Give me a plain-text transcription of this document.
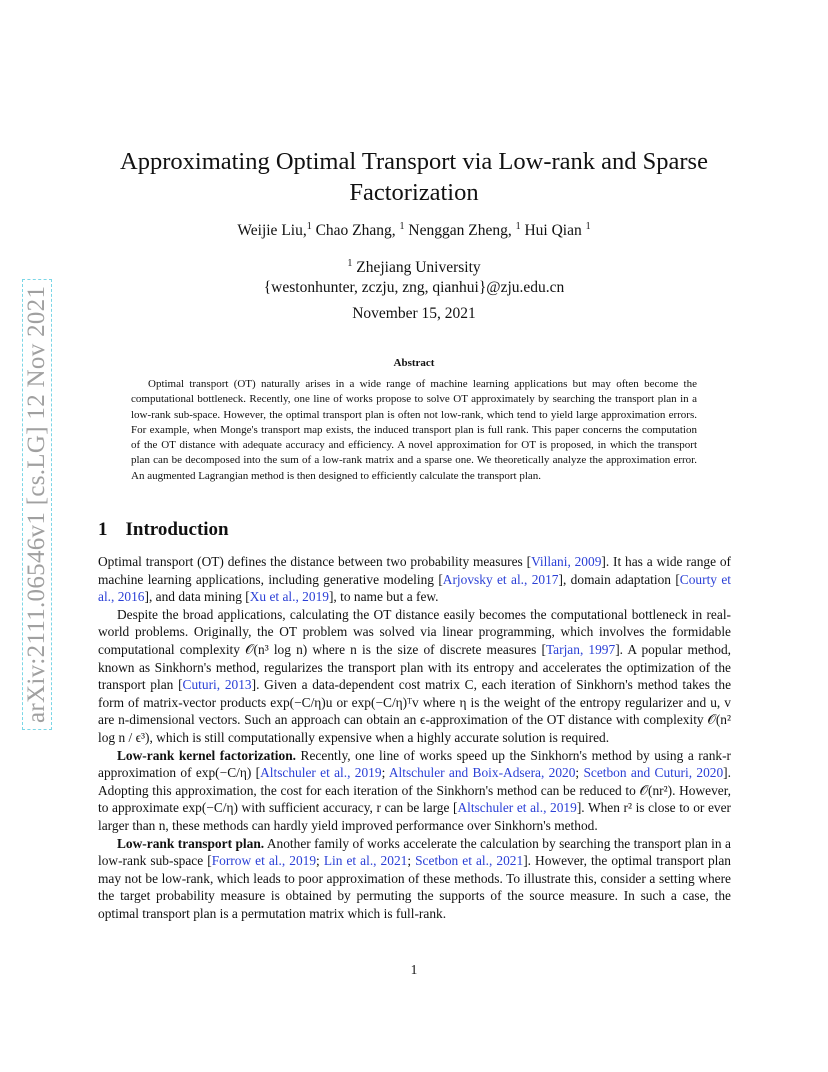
arXiv:2111.06546v1 [cs.LG] 12 Nov 2021
Approximating Optimal Transport via Low-rank and Sparse Factorization
Weijie Liu,$^1$ Chao Zhang, $^1$ Nenggan Zheng, $^1$ Hui Qian $^1$
$^1$ Zhejiang University
{westonhunter, zczju, zng, qianhui}@zju.edu.cn
November 15, 2021
Abstract

Optimal transport (OT) naturally arises in a wide range of machine learning applications but may often become the computational bottleneck. Recently, one line of works propose to solve OT approximately by searching the transport plan in a low-rank sub-space. However, the optimal transport plan is often not low-rank, which tend to yield large approximation errors. For example, when Monge's transport map exists, the induced transport plan is full rank. This paper concerns the computation of the OT distance with adequate accuracy and efficiency. A novel approximation for OT is proposed, in which the transport plan can be decomposed into the sum of a low-rank matrix and a sparse one. We theoretically analyze the approximation error. An augmented Lagrangian method is then designed to efficiently calculate the transport plan.

1 Introduction

Optimal transport (OT) defines the distance between two probability measures [Villani, 2009]. It has a wide range of machine learning applications, including generative modeling [Arjovsky et al., 2017], domain adaptation [Courty et al., 2016], and data mining [Xu et al., 2019], to name but a few.

Despite the broad applications, calculating the OT distance easily becomes the computational bottleneck in real-world problems. Originally, the OT problem was solved via linear programming, which involves the formidable computational complexity 𝒪(n³ log n) where n is the size of discrete measures [Tarjan, 1997]. A popular method, known as Sinkhorn's method, regularizes the transport plan with its entropy and accelerates the optimization of the transport plan [Cuturi, 2013]. Given a data-dependent cost matrix C, each iteration of Sinkhorn's method takes the form of matrix-vector products exp(−C/η)u or exp(−C/η)ᵀv where η is the weight of the entropy regularizer and u, v are n-dimensional vectors. Such an approach can obtain an ϵ-approximation of the OT distance with complexity 𝒪(n² log n / ϵ³), which is still computationally expensive when a highly accurate solution is required.

Low-rank kernel factorization. Recently, one line of works speed up the Sinkhorn's method by using a rank-r approximation of exp(−C/η) [Altschuler et al., 2019; Altschuler and Boix-Adsera, 2020; Scetbon and Cuturi, 2020]. Adopting this approximation, the cost for each iteration of the Sinkhorn's method can be reduced to 𝒪(nr²). However, to approximate exp(−C/η) with sufficient accuracy, r can be large [Altschuler et al., 2019]. When r² is close to or ever larger than n, these methods can hardly yield improved performance over Sinkhorn's method.

Low-rank transport plan. Another family of works accelerate the calculation by searching the transport plan in a low-rank sub-space [Forrow et al., 2019; Lin et al., 2021; Scetbon et al., 2021]. However, the optimal transport plan may not be low-rank, which leads to poor approximation of these methods. To illustrate this, consider a setting where the target probability measure is obtained by permuting the supports of the source measure. In such a case, the optimal transport plan is a permutation matrix which is full-rank.

1
